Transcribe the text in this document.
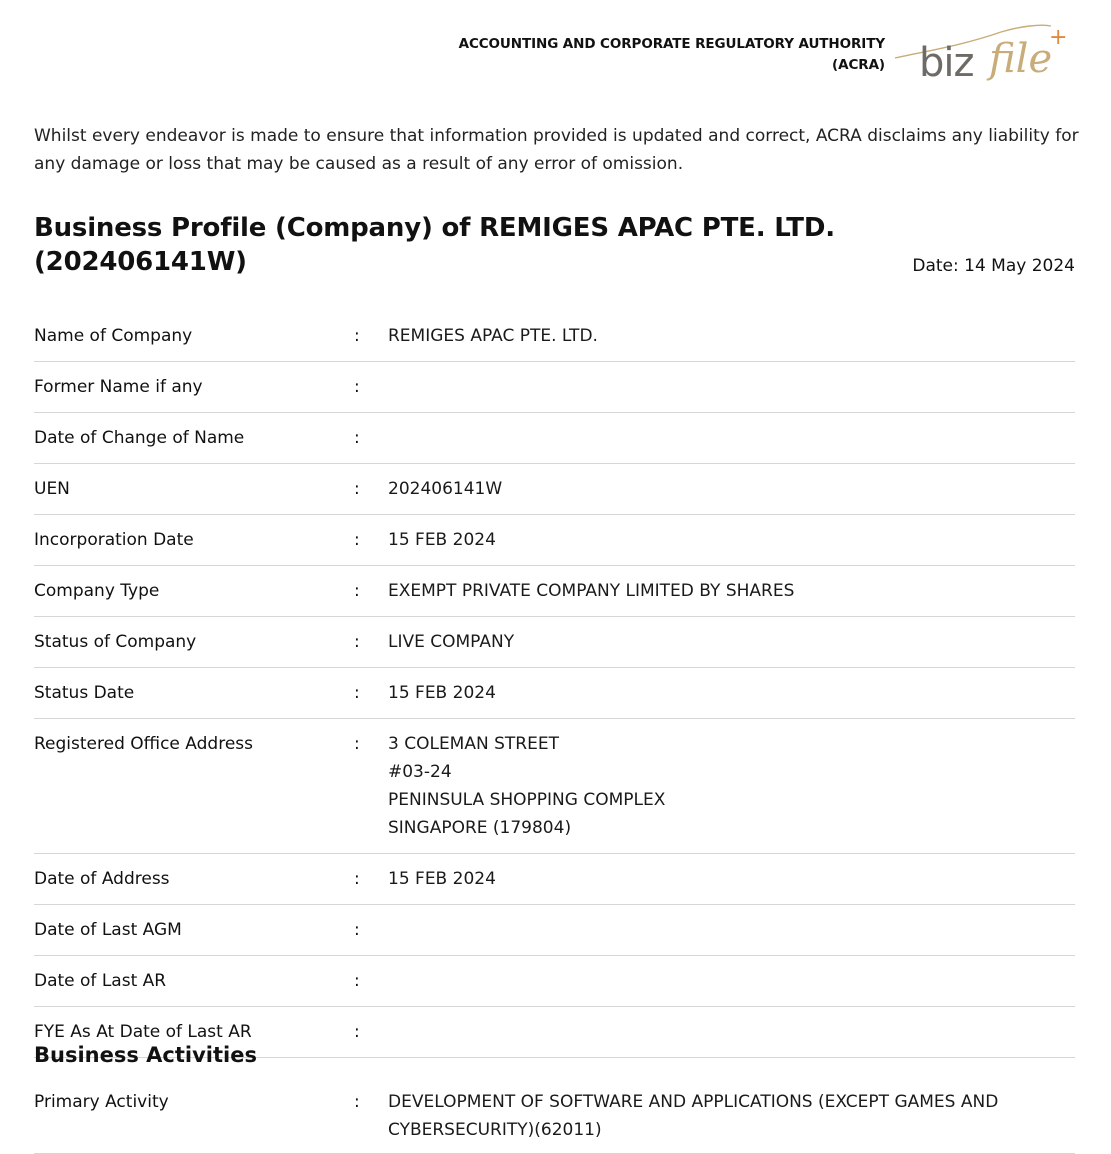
ACCOUNTING AND CORPORATE REGULATORY AUTHORITY
(ACRA) biz file
+
Whilst every endeavor is made to ensure that information provided is updated and correct, ACRA disclaims any liability for any damage or loss that may be caused as a result of any error of omission.
Business Profile (Company) of REMIGES APAC PTE. LTD. (202406141W)	Date: 14 May 2024
Name of Company	:	REMIGES APAC PTE. LTD.
Former Name if any	:
Date of Change of Name	:
UEN	:	202406141W
Incorporation Date	:	15 FEB 2024
Company Type	:	EXEMPT PRIVATE COMPANY LIMITED BY SHARES
Status of Company	:	LIVE COMPANY
Status Date	:	15 FEB 2024
Registered Office Address	:	3 COLEMAN STREET
#03-24
PENINSULA SHOPPING COMPLEX
SINGAPORE (179804)
Date of Address	:	15 FEB 2024
Date of Last AGM	:
Date of Last AR	:
FYE As At Date of Last AR	:
Business Activities
Primary Activity	:	DEVELOPMENT OF SOFTWARE AND APPLICATIONS (EXCEPT GAMES AND
CYBERSECURITY)(62011)
